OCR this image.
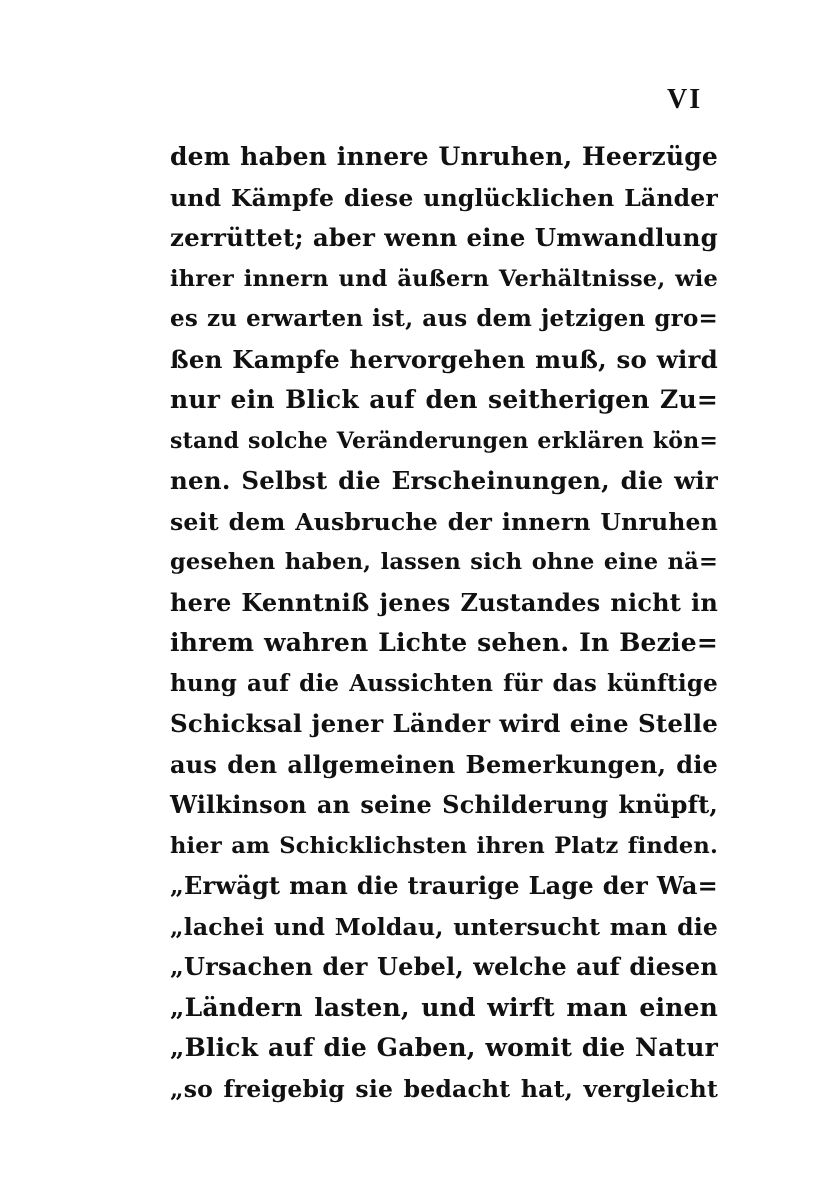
VI
dem haben innere Unruhen, Heerzüge
und Kämpfe diese unglücklichen Länder
zerrüttet; aber wenn eine Umwandlung
ihrer innern und äußern Verhältnisse, wie
es zu erwarten ist, aus dem jetzigen gro=
ßen Kampfe hervorgehen muß, so wird
nur ein Blick auf den seitherigen Zu=
stand solche Veränderungen erklären kön=
nen. Selbst die Erscheinungen, die wir
seit dem Ausbruche der innern Unruhen
gesehen haben, lassen sich ohne eine nä=
here Kenntniß jenes Zustandes nicht in
ihrem wahren Lichte sehen. In Bezie=
hung auf die Aussichten für das künftige
Schicksal jener Länder wird eine Stelle
aus den allgemeinen Bemerkungen, die
Wilkinson an seine Schilderung knüpft,
hier am Schicklichsten ihren Platz finden.
„Erwägt man die traurige Lage der Wa=
„lachei und Moldau, untersucht man die
„Ursachen der Uebel, welche auf diesen
„Ländern lasten, und wirft man einen
„Blick auf die Gaben, womit die Natur
„so freigebig sie bedacht hat, vergleicht
